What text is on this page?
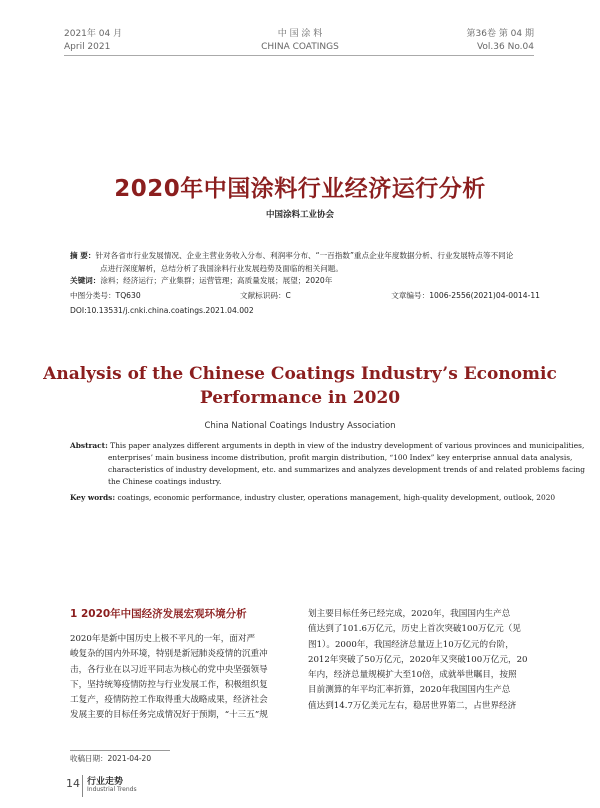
2021年 04 月
April 2021
中 国 涂 料
CHINA COATINGS
第36卷 第 04 期
Vol.36 No.04
2020年中国涂料行业经济运行分析
中国涂料工业协会
摘 要：针对各省市行业发展情况、企业主营业务收入分布、利润率分布、“一百指数”重点企业年度数据分析、行业发展特点等不同论
点进行深度解析，总结分析了我国涂料行业发展趋势及面临的相关问题。
关键词：涂料；经济运行；产业集群；运营管理；高质量发展；展望；2020年
中图分类号：TQ630	文献标识码：C	文章编号：1006-2556(2021)04-0014-11
DOI:10.13531/j.cnki.china.coatings.2021.04.002
Analysis of the Chinese Coatings Industry’s Economic
Performance in 2020
China National Coatings Industry Association
Abstract: This paper analyzes different arguments in depth in view of the industry development of various provinces and municipalities,
enterprises’ main business income distribution, profit margin distribution, “100 Index” key enterprise annual data analysis,
characteristics of industry development, etc. and summarizes and analyzes development trends of and related problems facing
the Chinese coatings industry.
Key words: coatings, economic performance, industry cluster, operations management, high-quality development, outlook, 2020
1 2020年中国经济发展宏观环境分析
2020年是新中国历史上极不平凡的一年，面对严
峻复杂的国内外环境，特别是新冠肺炎疫情的沉重冲
击，各行业在以习近平同志为核心的党中央坚强领导
下，坚持统筹疫情防控与行业发展工作，积极组织复
工复产，疫情防控工作取得重大战略成果，经济社会
发展主要的目标任务完成情况好于预期，“十三五”规
划主要目标任务已经完成，2020年，我国国内生产总
值达到了101.6万亿元，历史上首次突破100万亿元（见
图1）。2000年，我国经济总量迈上10万亿元的台阶，
2012年突破了50万亿元，2020年又突破100万亿元，20
年内，经济总量规模扩大至10倍，成就举世瞩目，按照
目前测算的年平均汇率折算，2020年我国国内生产总
值达到14.7万亿美元左右，稳居世界第二，占世界经济
收稿日期：2021-04-20
14 行业走势
Industrial Trends
